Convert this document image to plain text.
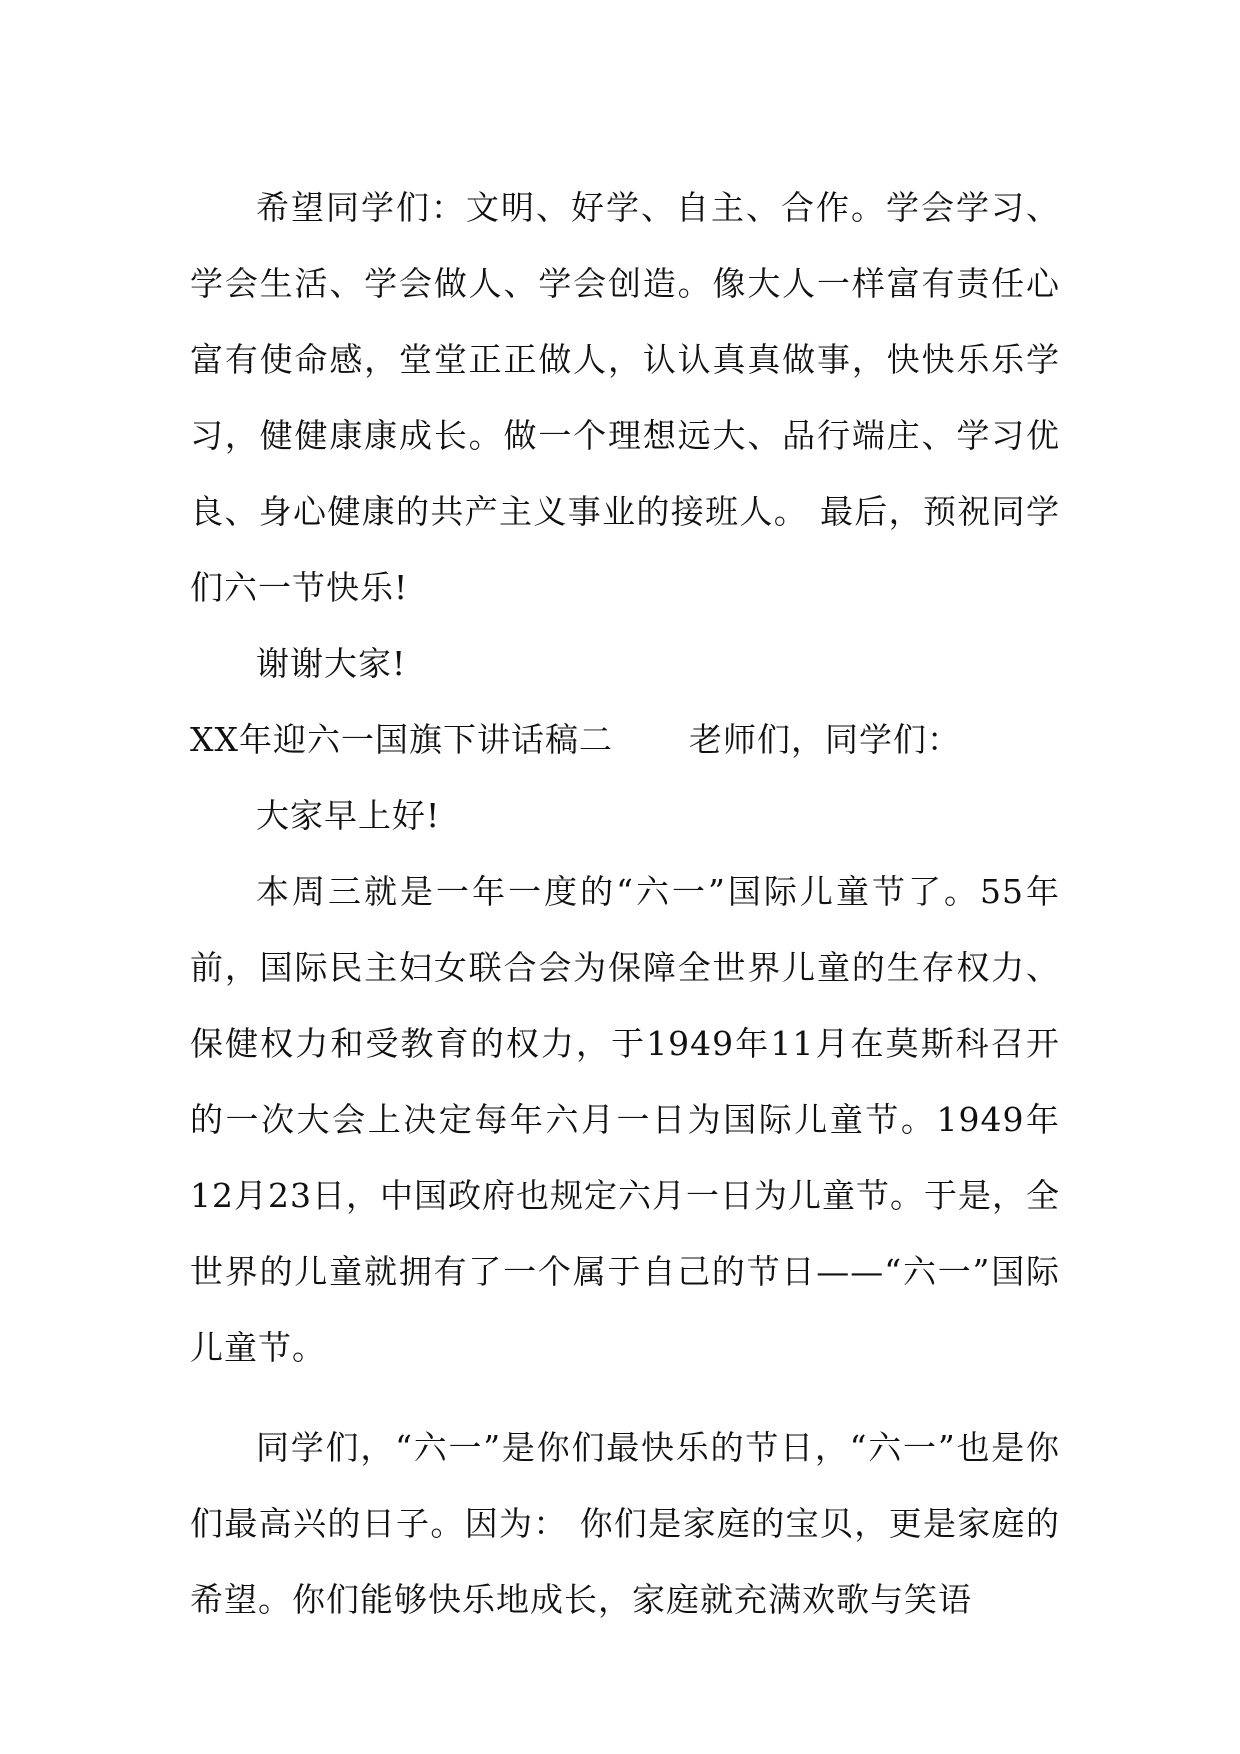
希望同学们：文明、好学、自主、合作。学会学习、学会生活、学会做人、学会创造。像大人一样富有责任心富有使命感，堂堂正正做人，认认真真做事，快快乐乐学习，健健康康成长。做一个理想远大、品行端庄、学习优良、身心健康的共产主义事业的接班人。 最后，预祝同学们六一节快乐!

谢谢大家!

XX年迎六一国旗下讲话稿二 老师们，同学们：

大家早上好!

本周三就是一年一度的“六一”国际儿童节了。55年前，国际民主妇女联合会为保障全世界儿童的生存权力、保健权力和受教育的权力，于1949年11月在莫斯科召开的一次大会上决定每年六月一日为国际儿童节。1949年12月23日，中国政府也规定六月一日为儿童节。于是，全世界的儿童就拥有了一个属于自己的节日——“六一”国际儿童节。

同学们，“六一”是你们最快乐的节日，“六一”也是你们最高兴的日子。因为： 你们是家庭的宝贝，更是家庭的希望。你们能够快乐地成长，家庭就充满欢歌与笑语
